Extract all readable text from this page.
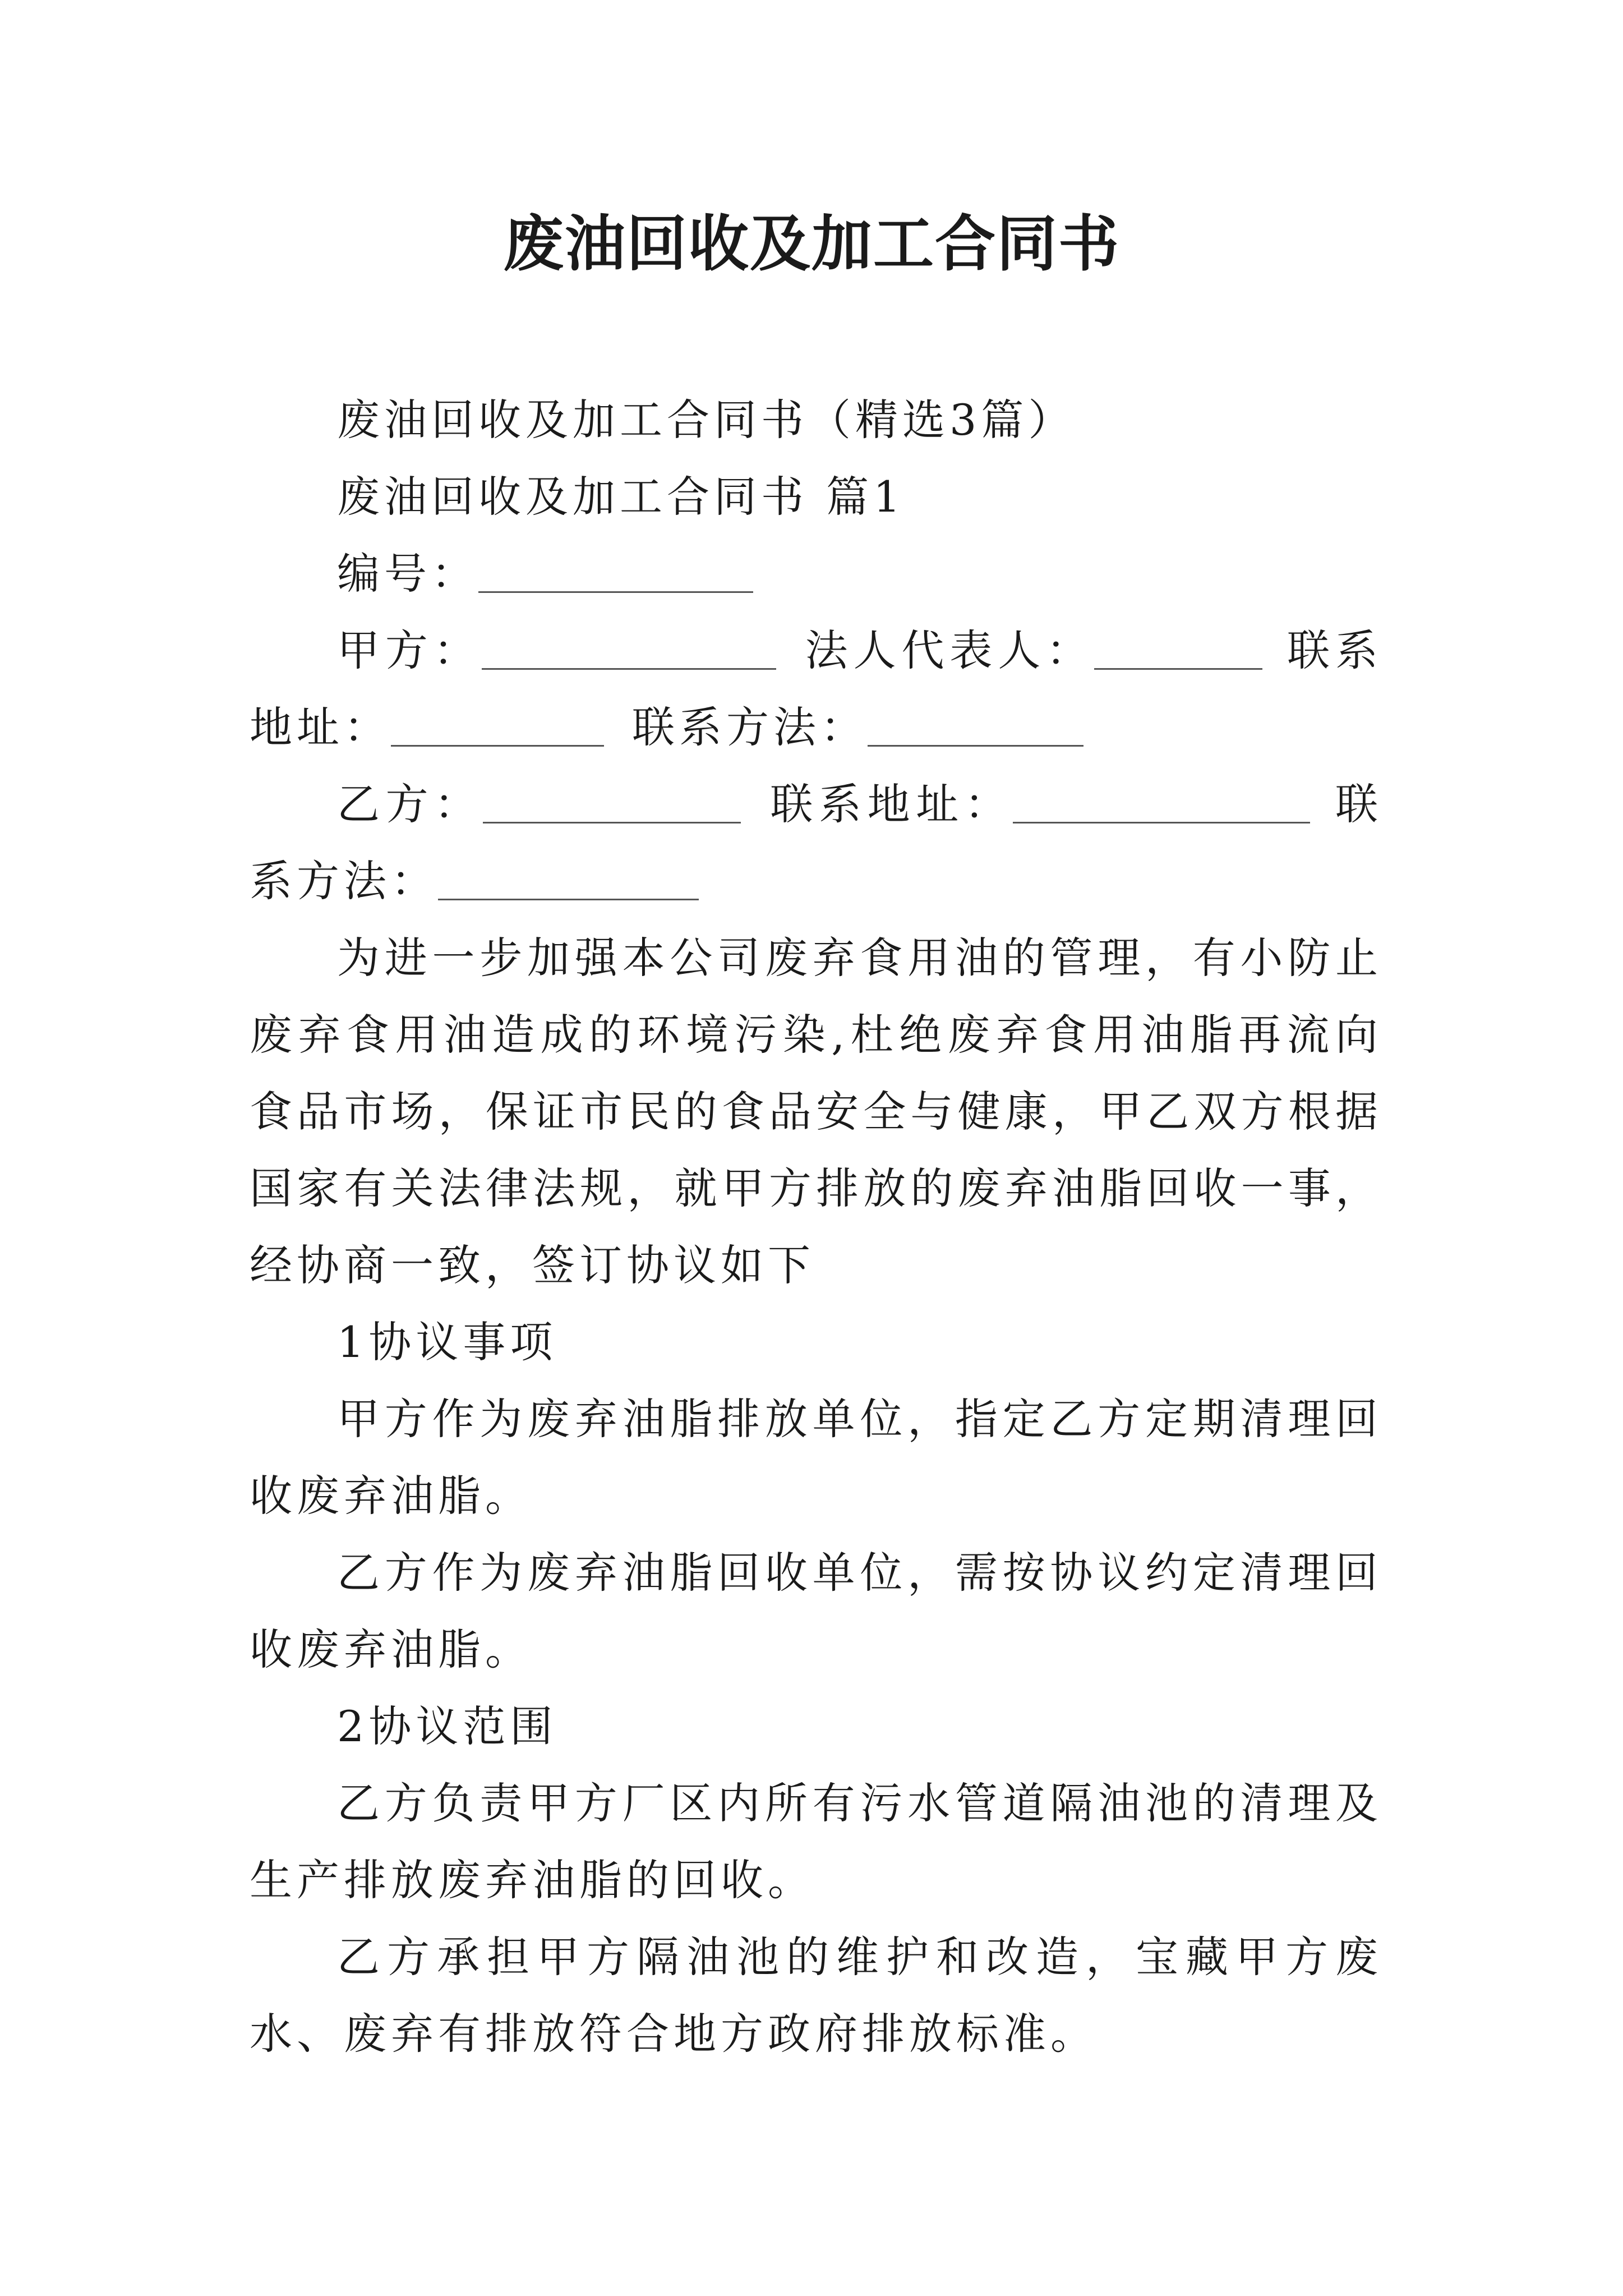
废油回收及加工合同书

废油回收及加工合同书（精选3篇）

废油回收及加工合同书 篇1

编号：

甲方：	法人代表人：	联系地址：	联系方法：

乙方：	联系地址：	联系方法：

为进一步加强本公司废弃食用油的管理，有小防止废弃食用油造成的环境污染,杜绝废弃食用油脂再流向食品市场，保证市民的食品安全与健康，甲乙双方根据国家有关法律法规，就甲方排放的废弃油脂回收一事，经协商一致，签订协议如下

1协议事项

甲方作为废弃油脂排放单位，指定乙方定期清理回收废弃油脂。

乙方作为废弃油脂回收单位，需按协议约定清理回收废弃油脂。

2协议范围

乙方负责甲方厂区内所有污水管道隔油池的清理及生产排放废弃油脂的回收。

乙方承担甲方隔油池的维护和改造，宝藏甲方废水、废弃有排放符合地方政府排放标准。
